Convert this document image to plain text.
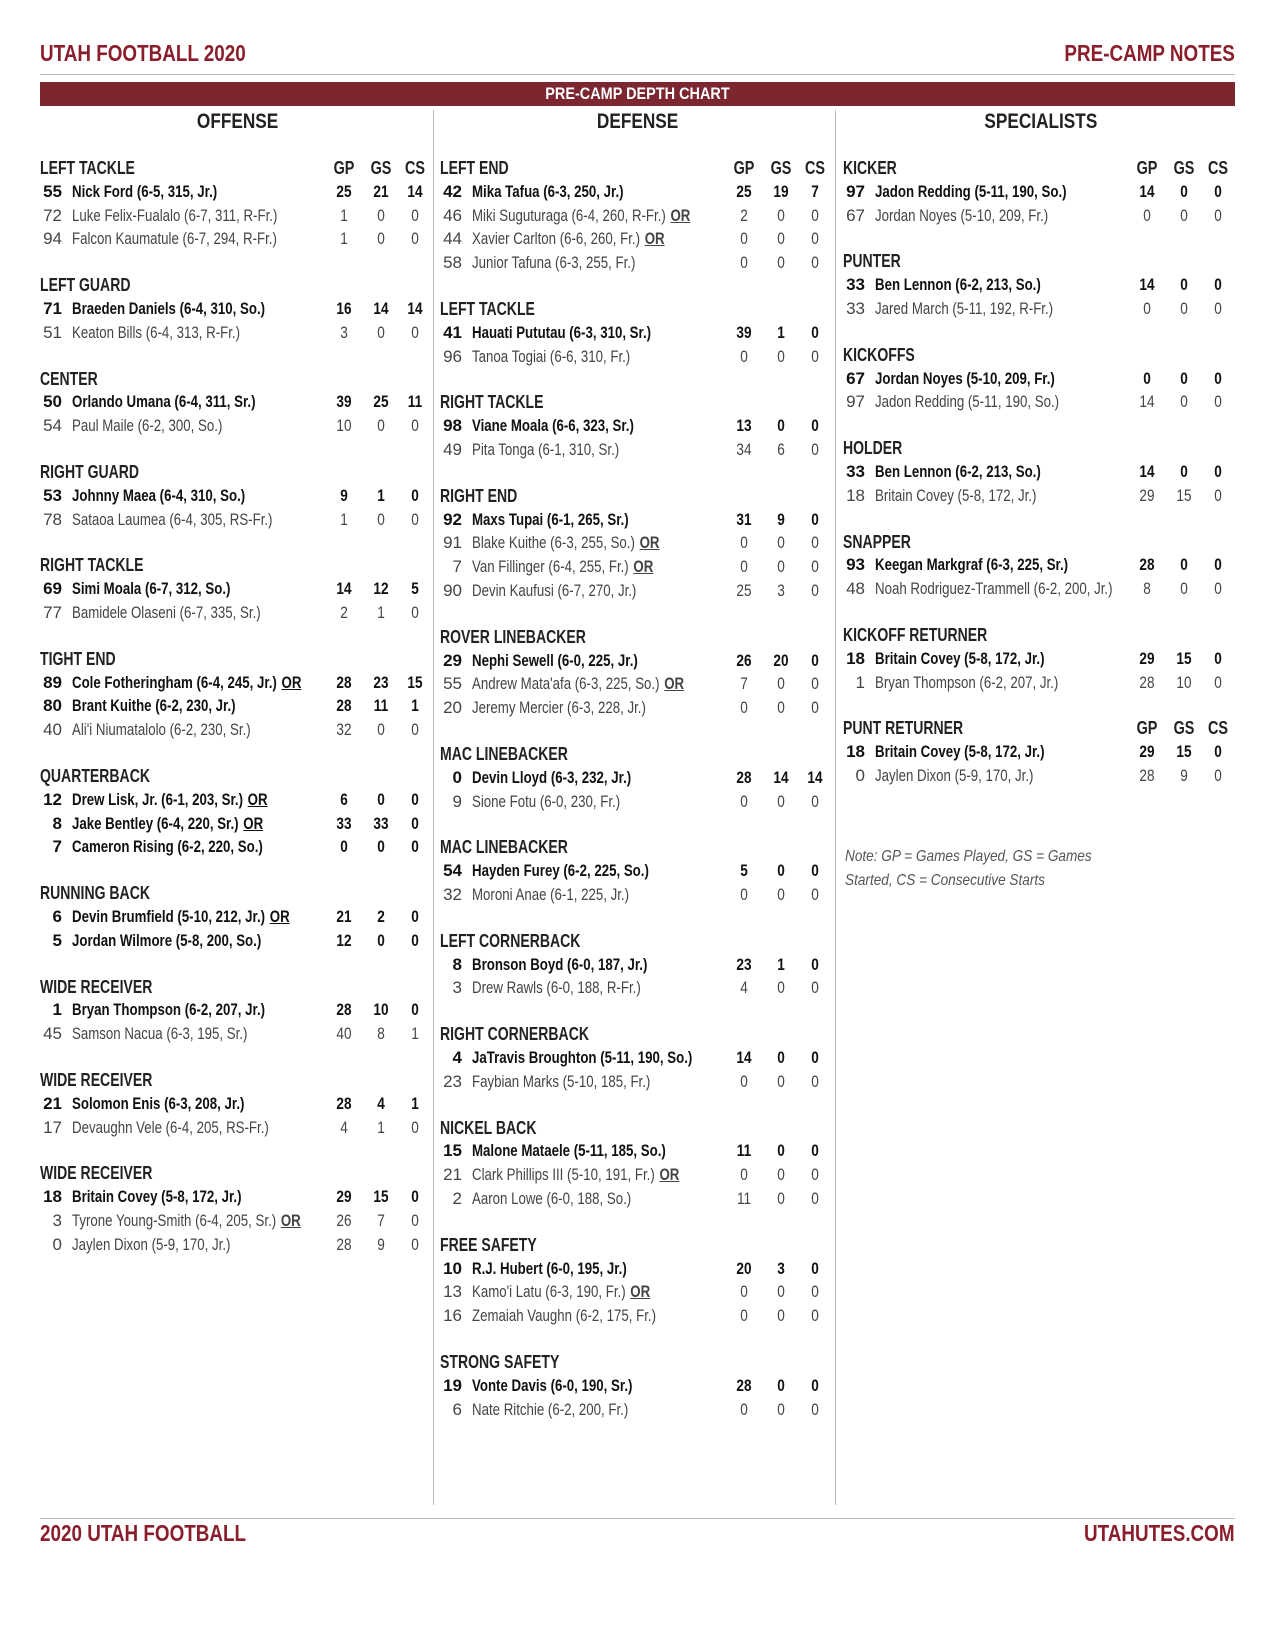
UTAH FOOTBALL 2020	PRE-CAMP NOTES
PRE-CAMP DEPTH CHART
OFFENSE
LEFT TACKLE	GP GS CS
55 Nick Ford (6-5, 315, Jr.)	25 21 14
72 Luke Felix-Fualalo (6-7, 311, R-Fr.)	1	0	0
94 Falcon Kaumatule (6-7, 294, R-Fr.)	1	0	0
LEFT GUARD
71 Braeden Daniels (6-4, 310, So.)	16 14 14
51 Keaton Bills (6-4, 313, R-Fr.)	3	0	0
CENTER
50 Orlando Umana (6-4, 311, Sr.)	39 25 11
54 Paul Maile (6-2, 300, So.)	10	0	0
RIGHT GUARD
53 Johnny Maea (6-4, 310, So.)	9	1	0
78 Sataoa Laumea (6-4, 305, RS-Fr.)	1	0	0
RIGHT TACKLE
69 Simi Moala (6-7, 312, So.)	14 12	5
77 Bamidele Olaseni (6-7, 335, Sr.)	2	1	0
TIGHT END
89 Cole Fotheringham (6-4, 245, Jr.) OR 28 23 15
80 Brant Kuithe (6-2, 230, Jr.)	28 11	1
40 Ali'i Niumatalolo (6-2, 230, Sr.)	32	0	0
QUARTERBACK
12 Drew Lisk, Jr. (6-1, 203, Sr.) OR	6	0	0
8 Jake Bentley (6-4, 220, Sr.) OR	33 33	0
7 Cameron Rising (6-2, 220, So.)	0	0	0
RUNNING BACK
6 Devin Brumfield (5-10, 212, Jr.) OR	21	2	0
5 Jordan Wilmore (5-8, 200, So.)	12	0	0
WIDE RECEIVER
1 Bryan Thompson (6-2, 207, Jr.)	28 10	0
45 Samson Nacua (6-3, 195, Sr.)	40	8	1
WIDE RECEIVER
21 Solomon Enis (6-3, 208, Jr.)	28	4	1
17 Devaughn Vele (6-4, 205, RS-Fr.)	4	1	0
WIDE RECEIVER
18 Britain Covey (5-8, 172, Jr.)	29 15	0
3 Tyrone Young-Smith (6-4, 205, Sr.) OR 26	7	0
0 Jaylen Dixon (5-9, 170, Jr.)	28	9	0
DEFENSE
LEFT END	GP GS CS
42 Mika Tafua (6-3, 250, Jr.)	25 19	7
46 Miki Suguturaga (6-4, 260, R-Fr.) OR	2	0	0
44 Xavier Carlton (6-6, 260, Fr.) OR	0	0	0
58 Junior Tafuna (6-3, 255, Fr.)	0	0	0
LEFT TACKLE
41 Hauati Pututau (6-3, 310, Sr.)	39	1	0
96 Tanoa Togiai (6-6, 310, Fr.)	0	0	0
RIGHT TACKLE
98 Viane Moala (6-6, 323, Sr.)	13	0	0
49 Pita Tonga (6-1, 310, Sr.)	34	6	0
RIGHT END
92 Maxs Tupai (6-1, 265, Sr.)	31	9	0
91 Blake Kuithe (6-3, 255, So.) OR	0	0	0
7 Van Fillinger (6-4, 255, Fr.) OR	0	0	0
90 Devin Kaufusi (6-7, 270, Jr.)	25	3	0
ROVER LINEBACKER
29 Nephi Sewell (6-0, 225, Jr.)	26 20	0
55 Andrew Mata'afa (6-3, 225, So.) OR	7	0	0
20 Jeremy Mercier (6-3, 228, Jr.)	0	0	0
MAC LINEBACKER
0 Devin Lloyd (6-3, 232, Jr.)	28 14 14
9 Sione Fotu (6-0, 230, Fr.)	0	0	0
MAC LINEBACKER
54 Hayden Furey (6-2, 225, So.)	5	0	0
32 Moroni Anae (6-1, 225, Jr.)	0	0	0
LEFT CORNERBACK
8 Bronson Boyd (6-0, 187, Jr.)	23	1	0
3 Drew Rawls (6-0, 188, R-Fr.)	4	0	0
RIGHT CORNERBACK
4 JaTravis Broughton (5-11, 190, So.)	14	0	0
23 Faybian Marks (5-10, 185, Fr.)	0	0	0
NICKEL BACK
15 Malone Mataele (5-11, 185, So.)	11	0	0
21 Clark Phillips III (5-10, 191, Fr.) OR	0	0	0
2 Aaron Lowe (6-0, 188, So.)	11	0	0
FREE SAFETY
10 R.J. Hubert (6-0, 195, Jr.)	20	3	0
13 Kamo'i Latu (6-3, 190, Fr.) OR	0	0	0
16 Zemaiah Vaughn (6-2, 175, Fr.)	0	0	0
STRONG SAFETY
19 Vonte Davis (6-0, 190, Sr.)	28	0	0
6 Nate Ritchie (6-2, 200, Fr.)	0	0	0
SPECIALISTS
KICKER	GP GS CS
97 Jadon Redding (5-11, 190, So.)	14	0	0
67 Jordan Noyes (5-10, 209, Fr.)	0	0	0
PUNTER
33 Ben Lennon (6-2, 213, So.)	14	0	0
33 Jared March (5-11, 192, R-Fr.)	0	0	0
KICKOFFS
67 Jordan Noyes (5-10, 209, Fr.)	0	0	0
97 Jadon Redding (5-11, 190, So.)	14	0	0
HOLDER
33 Ben Lennon (6-2, 213, So.)	14	0	0
18 Britain Covey (5-8, 172, Jr.)	29 15	0
SNAPPER
93 Keegan Markgraf (6-3, 225, Sr.)	28	0	0
48 Noah Rodriguez-Trammell (6-2, 200, Jr.)	8	0	0
KICKOFF RETURNER
18 Britain Covey (5-8, 172, Jr.)	29 15	0
1 Bryan Thompson (6-2, 207, Jr.)	28 10	0
PUNT RETURNER	GP GS CS
18 Britain Covey (5-8, 172, Jr.)	29 15	0
0 Jaylen Dixon (5-9, 170, Jr.)	28	9	0
Note: GP = Games Played, GS = Games Started, CS = Consecutive Starts
2020 UTAH FOOTBALL	UTAHUTES.COM
